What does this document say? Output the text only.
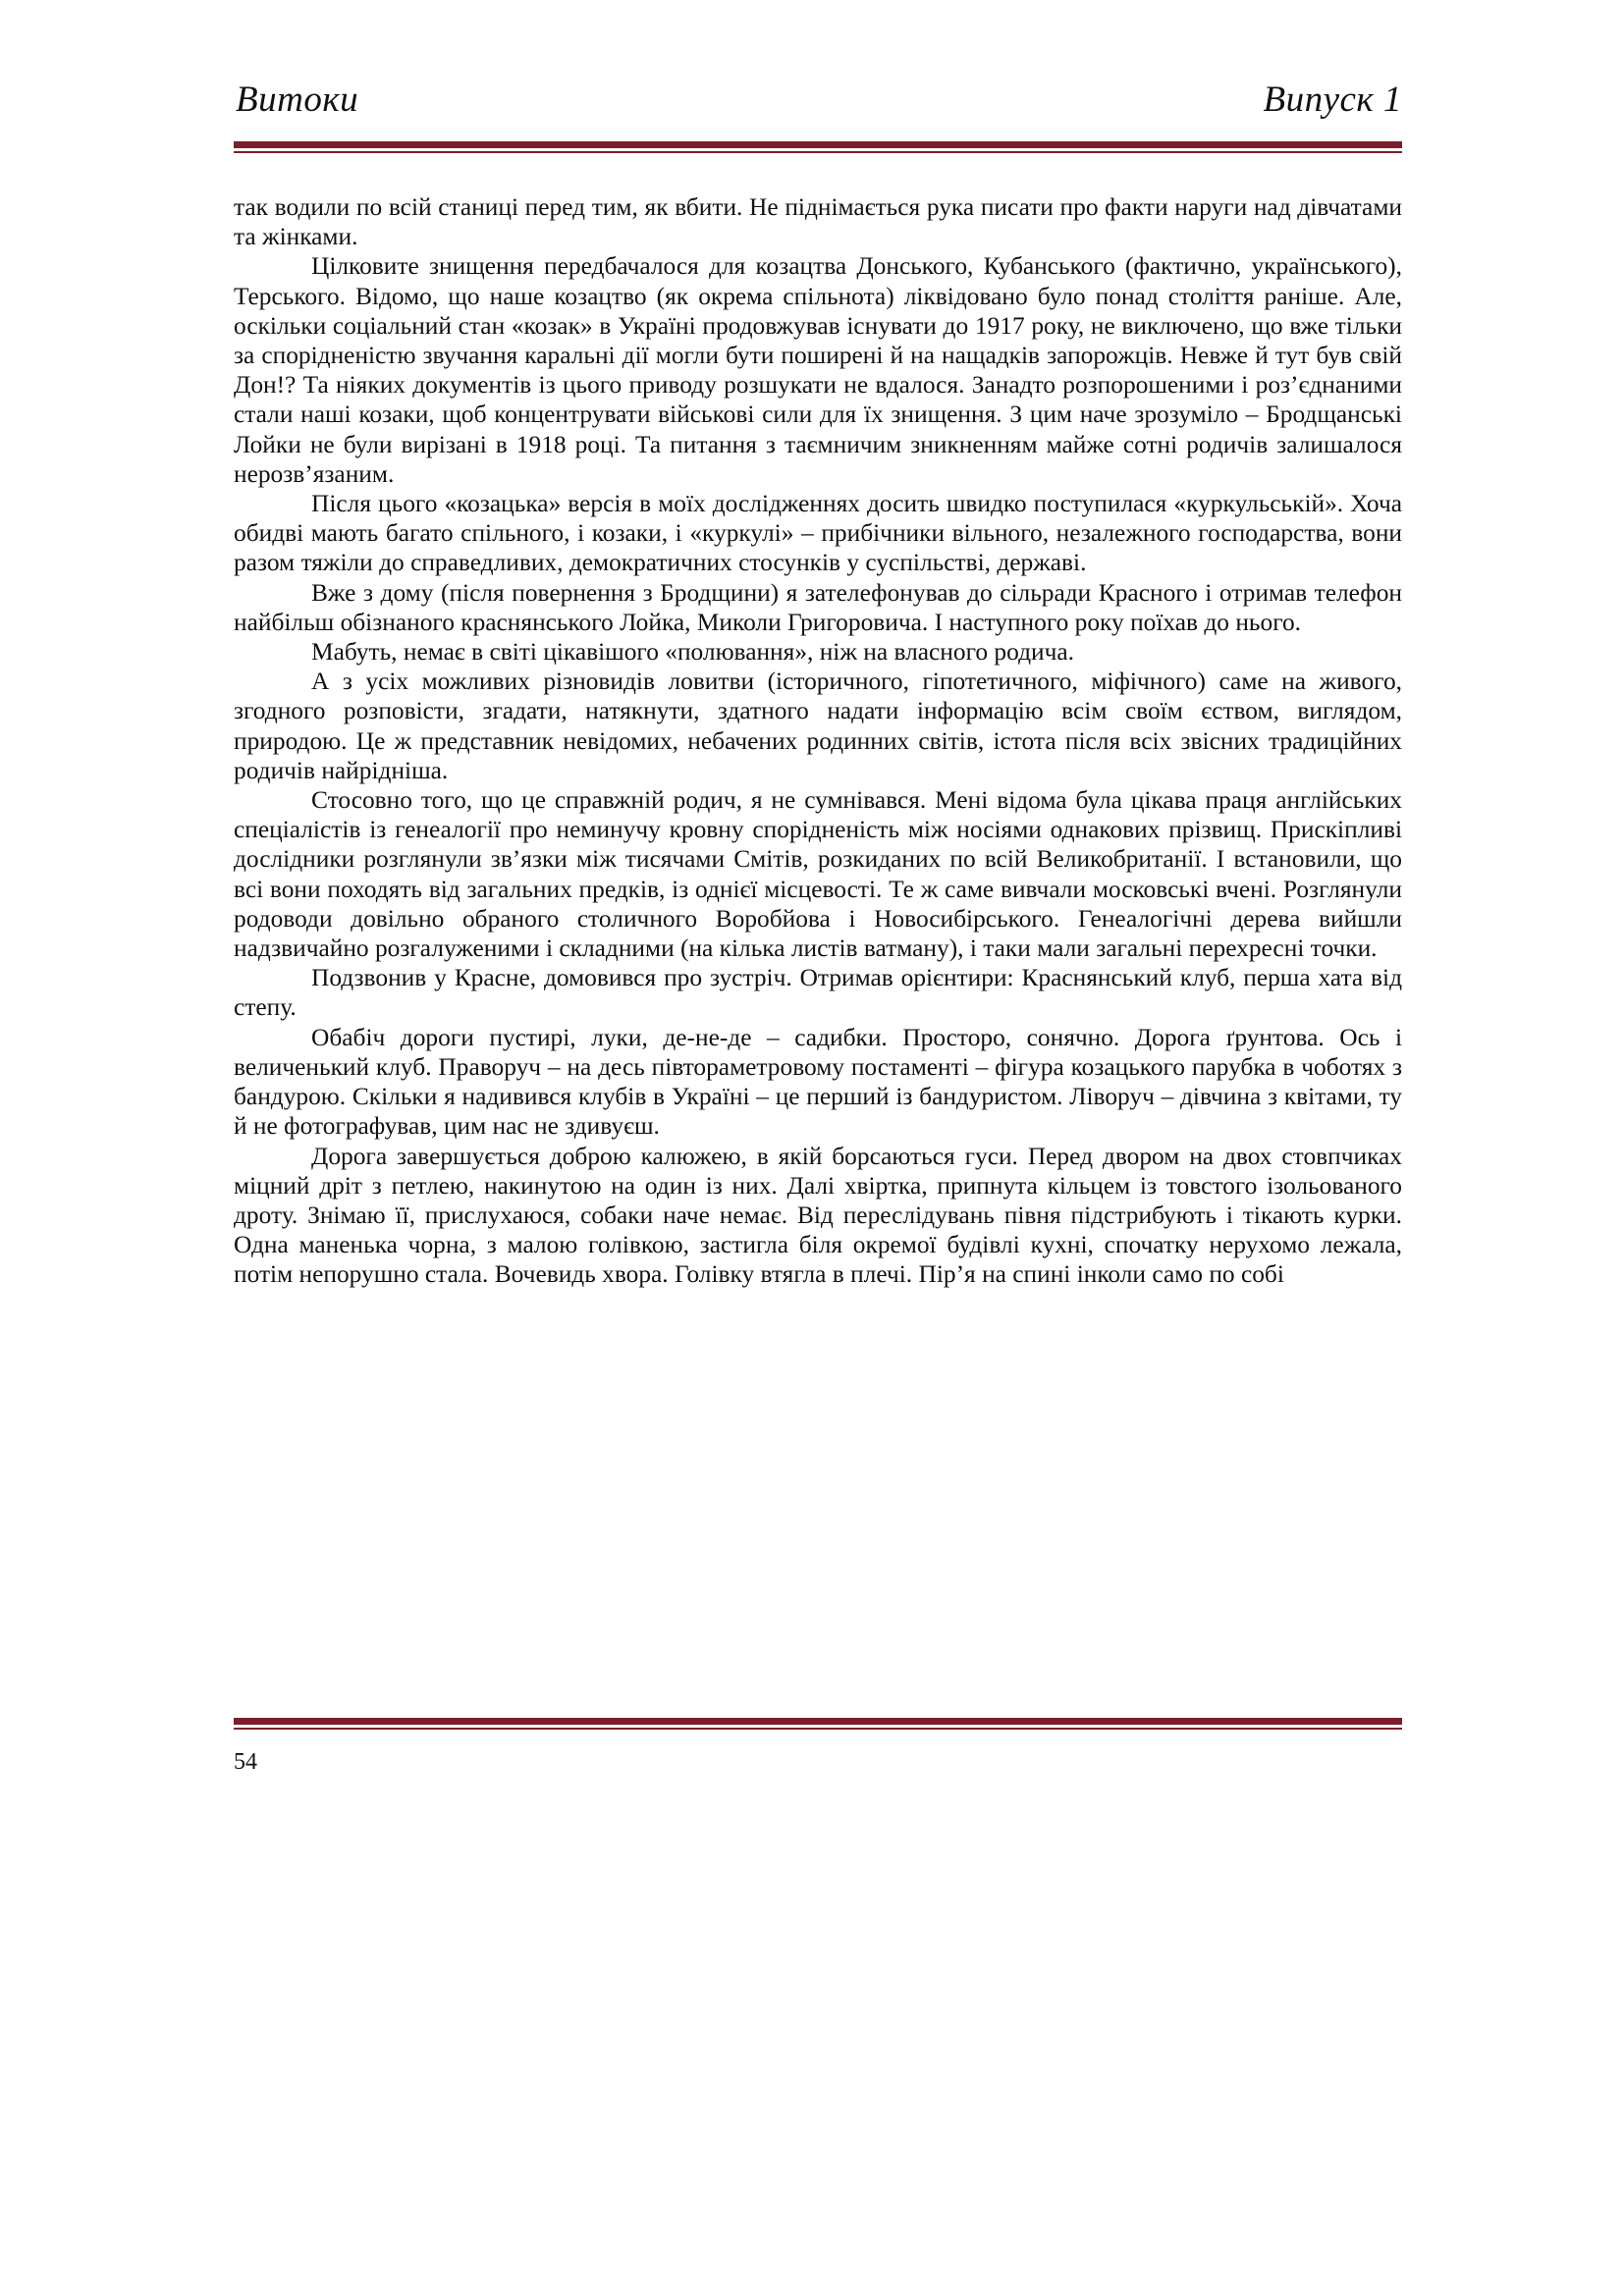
Витоки	Випуск 1

так водили по всій станиці перед тим, як вбити. Не піднімається рука писати про факти наруги над дівчатами та жінками.

Цілковите знищення передбачалося для козацтва Донського, Кубанського (фактично, українського), Терського. Відомо, що наше козацтво (як окрема спільнота) ліквідовано було понад століття раніше. Але, оскільки соціальний стан «козак» в Україні продовжував існувати до 1917 року, не виключено, що вже тільки за спорідненістю звучання каральні дії могли бути поширені й на нащадків запорожців. Невже й тут був свій Дон!? Та ніяких документів із цього приводу розшукати не вдалося. Занадто розпорошеними і роз’єднаними стали наші козаки, щоб концентрувати військові сили для їх знищення. З цим наче зрозуміло – Бродщанські Лойки не були вирізані в 1918 році. Та питання з таємничим зникненням майже сотні родичів залишалося нерозв’язаним.

Після цього «козацька» версія в моїх дослідженнях досить швидко поступилася «куркульській». Хоча обидві мають багато спільного, і козаки, і «куркулі» – прибічники вільного, незалежного господарства, вони разом тяжіли до справедливих, демократичних стосунків у суспільстві, державі.

Вже з дому (після повернення з Бродщини) я зателефонував до сільради Красного і отримав телефон найбільш обізнаного краснянського Лойка, Миколи Григоровича. І наступного року поїхав до нього.

Мабуть, немає в світі цікавішого «полювання», ніж на власного родича.

А з усіх можливих різновидів ловитви (історичного, гіпотетичного, міфічного) саме на живого, згодного розповісти, згадати, натякнути, здатного надати інформацію всім своїм єством, виглядом, природою. Це ж представник невідомих, небачених родинних світів, істота після всіх звісних традиційних родичів найрідніша.

Стосовно того, що це справжній родич, я не сумнівався. Мені відома була цікава праця англійських спеціалістів із генеалогії про неминучу кровну спорідненість між носіями однакових прізвищ. Прискіпливі дослідники розглянули зв’язки між тисячами Смітів, розкиданих по всій Великобританії. І встановили, що всі вони походять від загальних предків, із однієї місцевості. Те ж саме вивчали московські вчені. Розглянули родоводи довільно обраного столичного Воробйова і Новосибірського. Генеалогічні дерева вийшли надзвичайно розгалуженими і складними (на кілька листів ватману), і таки мали загальні перехресні точки.

Подзвонив у Красне, домовився про зустріч. Отримав орієнтири: Краснянський клуб, перша хата від степу.

Обабіч дороги пустирі, луки, де-не-де – садибки. Просторо, сонячно. Дорога ґрунтова. Ось і величенький клуб. Праворуч – на десь півтораметровому постаменті – фігура козацького парубка в чоботях з бандурою. Скільки я надивився клубів в Україні – це перший із бандуристом. Ліворуч – дівчина з квітами, ту й не фотографував, цим нас не здивуєш.

Дорога завершується доброю калюжею, в якій борсаються гуси. Перед двором на двох стовпчиках міцний дріт з петлею, накинутою на один із них. Далі хвіртка, припнута кільцем із товстого ізольованого дроту. Знімаю її, прислухаюся, собаки наче немає. Від переслідувань півня підстрибують і тікають курки. Одна маненька чорна, з малою голівкою, застигла біля окремої будівлі кухні, спочатку нерухомо лежала, потім непорушно стала. Вочевидь хвора. Голівку втягла в плечі. Пір’я на спині інколи само по собі

54
